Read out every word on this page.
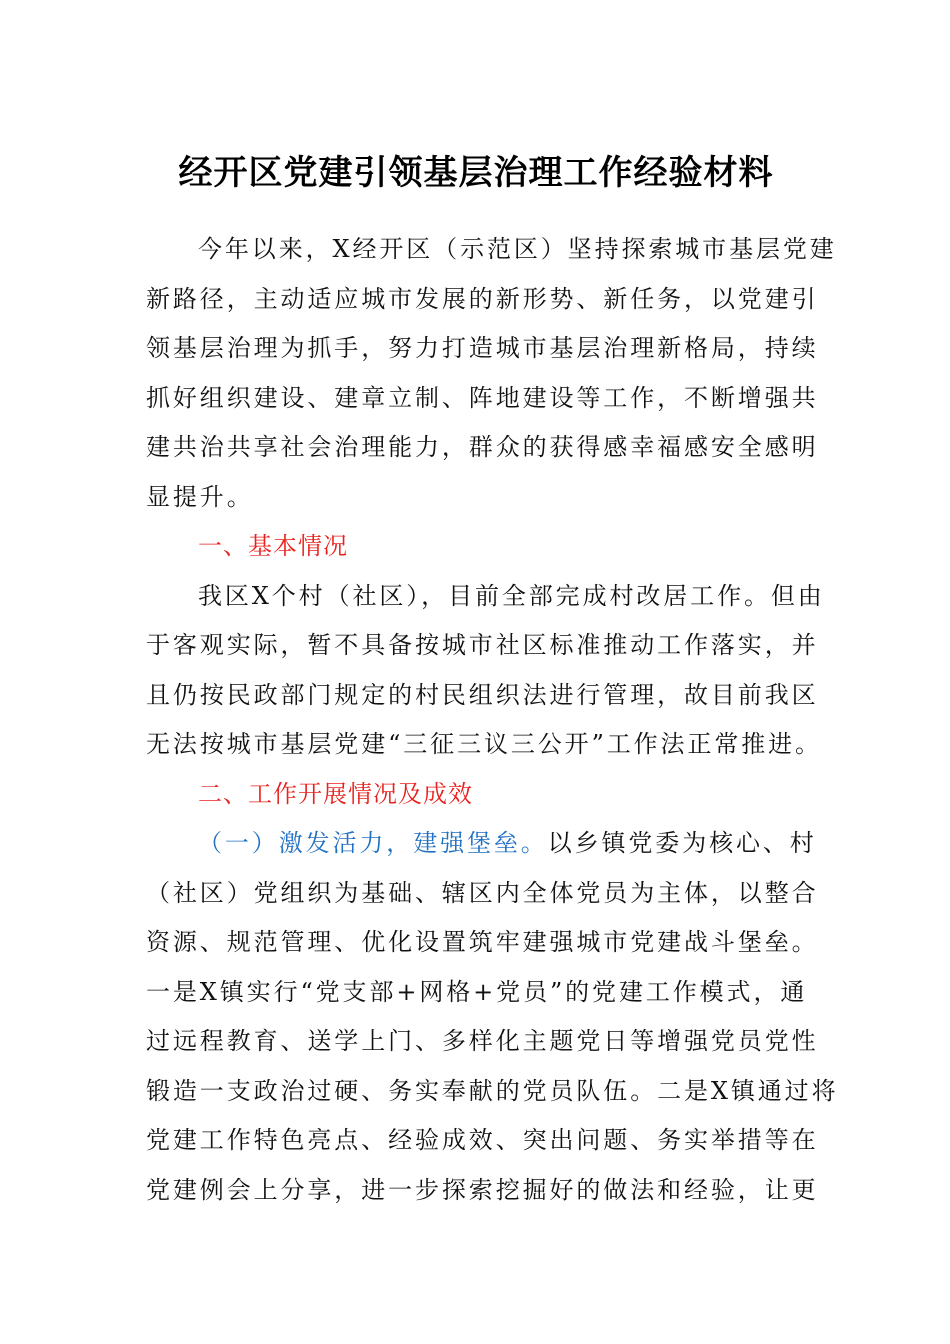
经开区党建引领基层治理工作经验材料
今年以来，X经开区（示范区）坚持探索城市基层党建
新路径，主动适应城市发展的新形势、新任务，以党建引
领基层治理为抓手，努力打造城市基层治理新格局，持续
抓好组织建设、建章立制、阵地建设等工作，不断增强共
建共治共享社会治理能力，群众的获得感幸福感安全感明
显提升。
一、基本情况
我区X个村（社区），目前全部完成村改居工作。但由
于客观实际，暂不具备按城市社区标准推动工作落实，并
且仍按民政部门规定的村民组织法进行管理，故目前我区
无法按城市基层党建“三征三议三公开”工作法正常推进。
二、工作开展情况及成效
（一）激发活力，建强堡垒。以乡镇党委为核心、村
（社区）党组织为基础、辖区内全体党员为主体，以整合
资源、规范管理、优化设置筑牢建强城市党建战斗堡垒。
一是X镇实行“党支部+网格+党员”的党建工作模式，通
过远程教育、送学上门、多样化主题党日等增强党员党性
锻造一支政治过硬、务实奉献的党员队伍。二是X镇通过将
党建工作特色亮点、经验成效、突出问题、务实举措等在
党建例会上分享，进一步探索挖掘好的做法和经验，让更
